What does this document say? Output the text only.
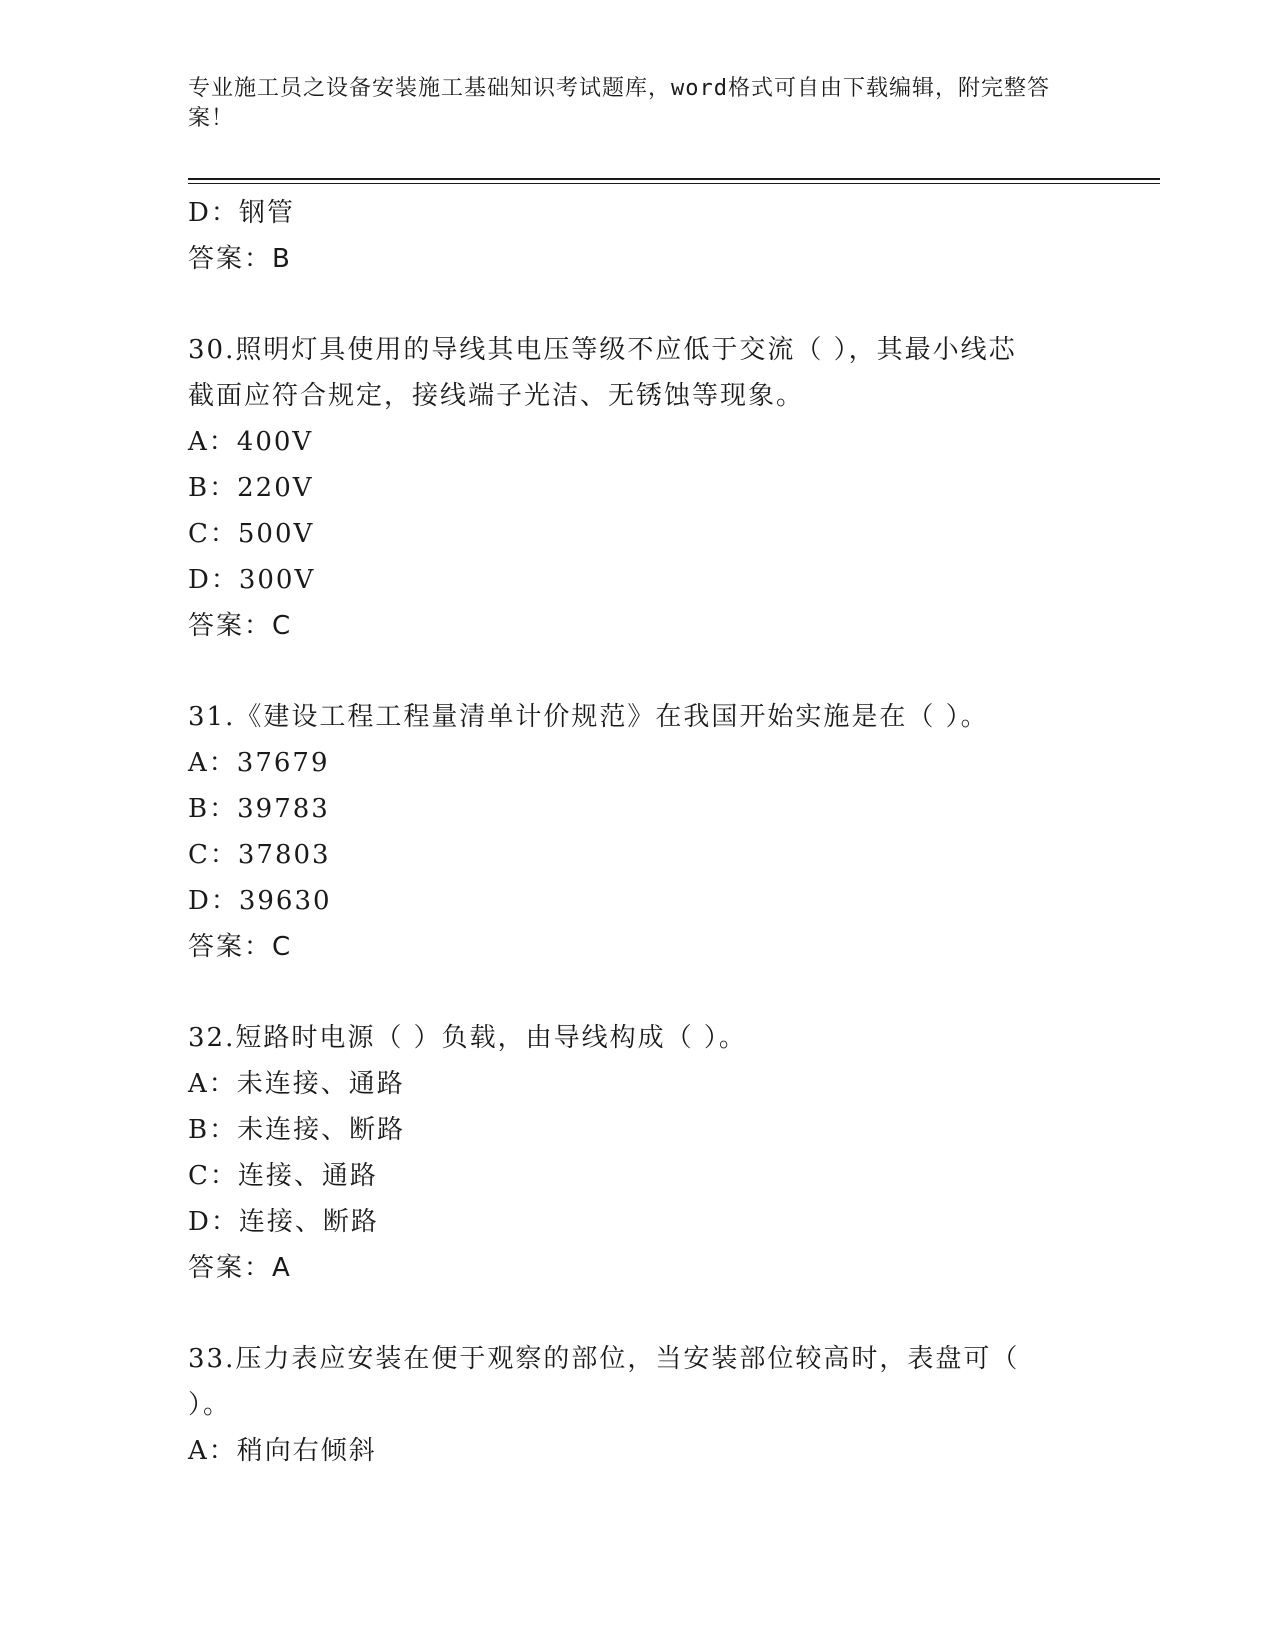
专业施工员之设备安装施工基础知识考试题库，word格式可自由下载编辑，附完整答案！
D：钢管
答案：B
30.照明灯具使用的导线其电压等级不应低于交流（ ），其最小线芯
截面应符合规定，接线端子光洁、无锈蚀等现象。
A：400V
B：220V
C：500V
D：300V
答案：C
31.《建设工程工程量清单计价规范》在我国开始实施是在（ ）。
A：37679
B：39783
C：37803
D：39630
答案：C
32.短路时电源（ ）负载，由导线构成（ ）。
A：未连接、通路
B：未连接、断路
C：连接、通路
D：连接、断路
答案：A
33.压力表应安装在便于观察的部位，当安装部位较高时，表盘可（
）。
A：稍向右倾斜
